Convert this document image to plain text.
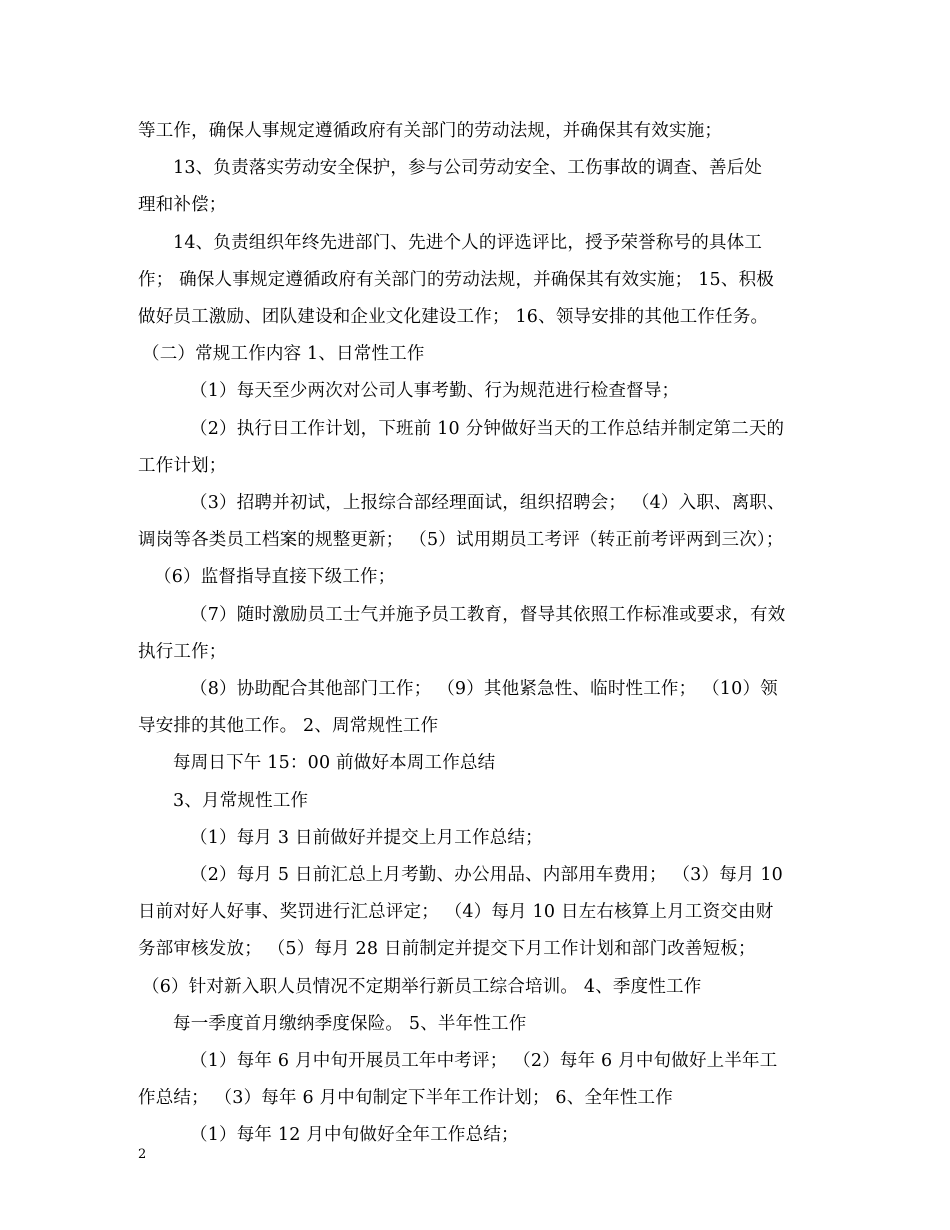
等工作，确保人事规定遵循政府有关部门的劳动法规，并确保其有效实施；

13、负责落实劳动安全保护，参与公司劳动安全、工伤事故的调查、善后处

理和补偿；

14、负责组织年终先进部门、先进个人的评选评比，授予荣誉称号的具体工

作； 确保人事规定遵循政府有关部门的劳动法规，并确保其有效实施； 15、积极

做好员工激励、团队建设和企业文化建设工作； 16、领导安排的其他工作任务。

（二）常规工作内容 1、日常性工作

（1）每天至少两次对公司人事考勤、行为规范进行检查督导；

（2）执行日工作计划，下班前 10 分钟做好当天的工作总结并制定第二天的

工作计划；

（3）招聘并初试，上报综合部经理面试，组织招聘会； （4）入职、离职、

调岗等各类员工档案的规整更新； （5）试用期员工考评（转正前考评两到三次）；

（6）监督指导直接下级工作；

（7）随时激励员工士气并施予员工教育，督导其依照工作标准或要求，有效

执行工作；

（8）协助配合其他部门工作； （9）其他紧急性、临时性工作； （10）领

导安排的其他工作。 2、周常规性工作

每周日下午 15：00 前做好本周工作总结

3、月常规性工作

（1）每月 3 日前做好并提交上月工作总结；

（2）每月 5 日前汇总上月考勤、办公用品、内部用车费用； （3）每月 10

日前对好人好事、奖罚进行汇总评定； （4）每月 10 日左右核算上月工资交由财

务部审核发放； （5）每月 28 日前制定并提交下月工作计划和部门改善短板；

（6）针对新入职人员情况不定期举行新员工综合培训。 4、季度性工作

每一季度首月缴纳季度保险。 5、半年性工作

（1）每年 6 月中旬开展员工年中考评； （2）每年 6 月中旬做好上半年工

作总结； （3）每年 6 月中旬制定下半年工作计划； 6、全年性工作

（1）每年 12 月中旬做好全年工作总结；

2
